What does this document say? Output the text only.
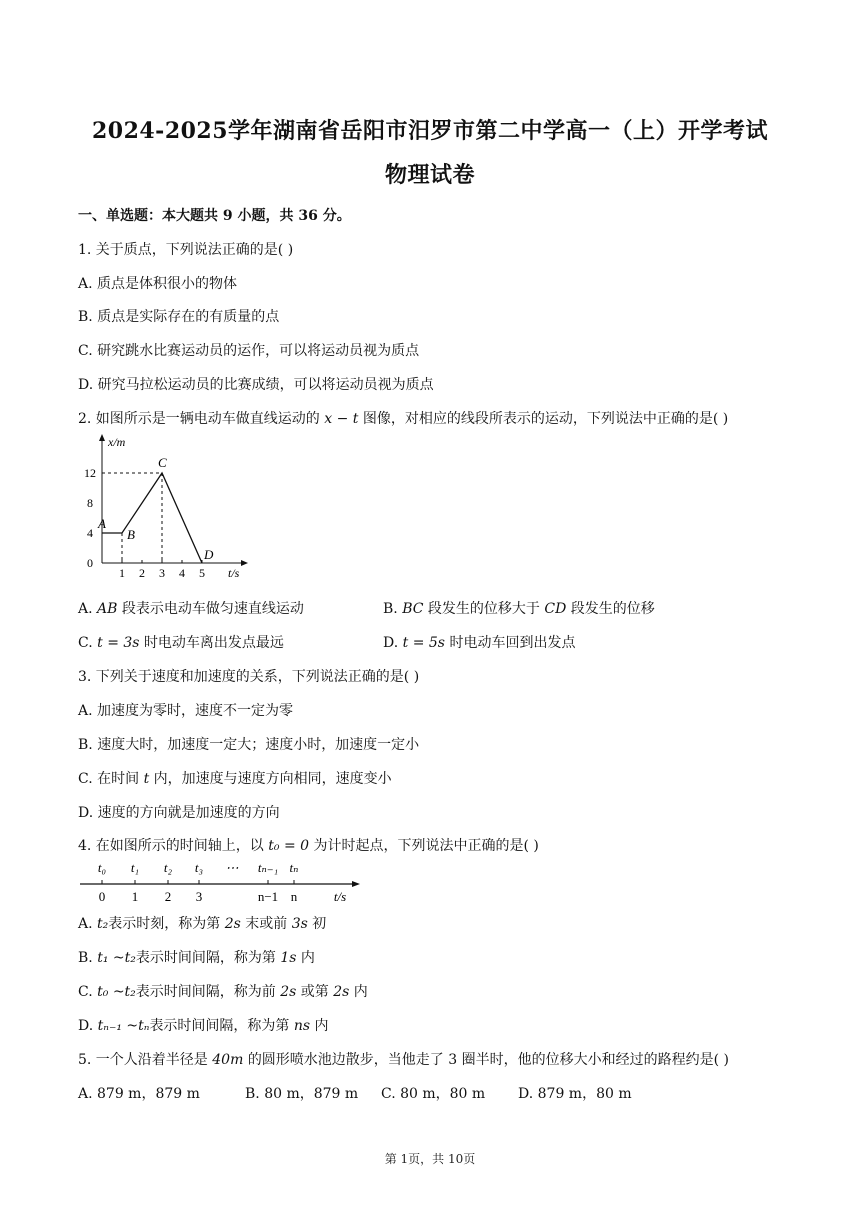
2024-2025学年湖南省岳阳市汨罗市第二中学高一（上）开学考试
物理试卷
一、单选题：本大题共 9 小题，共 36 分。
1. 关于质点，下列说法正确的是( )
A. 质点是体积很小的物体
B. 质点是实际存在的有质量的点
C. 研究跳水比赛运动员的运作，可以将运动员视为质点
D. 研究马拉松运动员的比赛成绩，可以将运动员视为质点
2. 如图所示是一辆电动车做直线运动的 x − t 图像，对相应的线段所表示的运动，下列说法中正确的是( )
x/m
t/s
0
4
8
12
1 2 3 4 5
A
B
C
D
A. AB 段表示电动车做匀速直线运动	B. BC 段发生的位移大于 CD 段发生的位移
C. t = 3s 时电动车离出发点最远	D. t = 5s 时电动车回到出发点
3. 下列关于速度和加速度的关系，下列说法正确的是( )
A. 加速度为零时，速度不一定为零
B. 速度大时，加速度一定大；速度小时，加速度一定小
C. 在时间 t 内，加速度与速度方向相同，速度变小
D. 速度的方向就是加速度的方向
4. 在如图所示的时间轴上，以 t₀ = 0 为计时起点，下列说法中正确的是( )
t₀ t₁ t₂ t₃ ⋯ tₙ₋₁ tₙ
0 1 2 3	n−1 n	t/s
A. t₂表示时刻，称为第 2s 末或前 3s 初
B. t₁ ~t₂表示时间间隔，称为第 1s 内
C. t₀ ~t₂表示时间间隔，称为前 2s 或第 2s 内
D. tₙ₋₁ ~tₙ表示时间间隔，称为第 ns 内
5. 一个人沿着半径是 40m 的圆形喷水池边散步，当他走了 3 圈半时，他的位移大小和经过的路程约是( )
A. 879 m，879 m	B. 80 m，879 m C. 80 m，80 m D. 879 m，80 m
第 1页，共 10页
